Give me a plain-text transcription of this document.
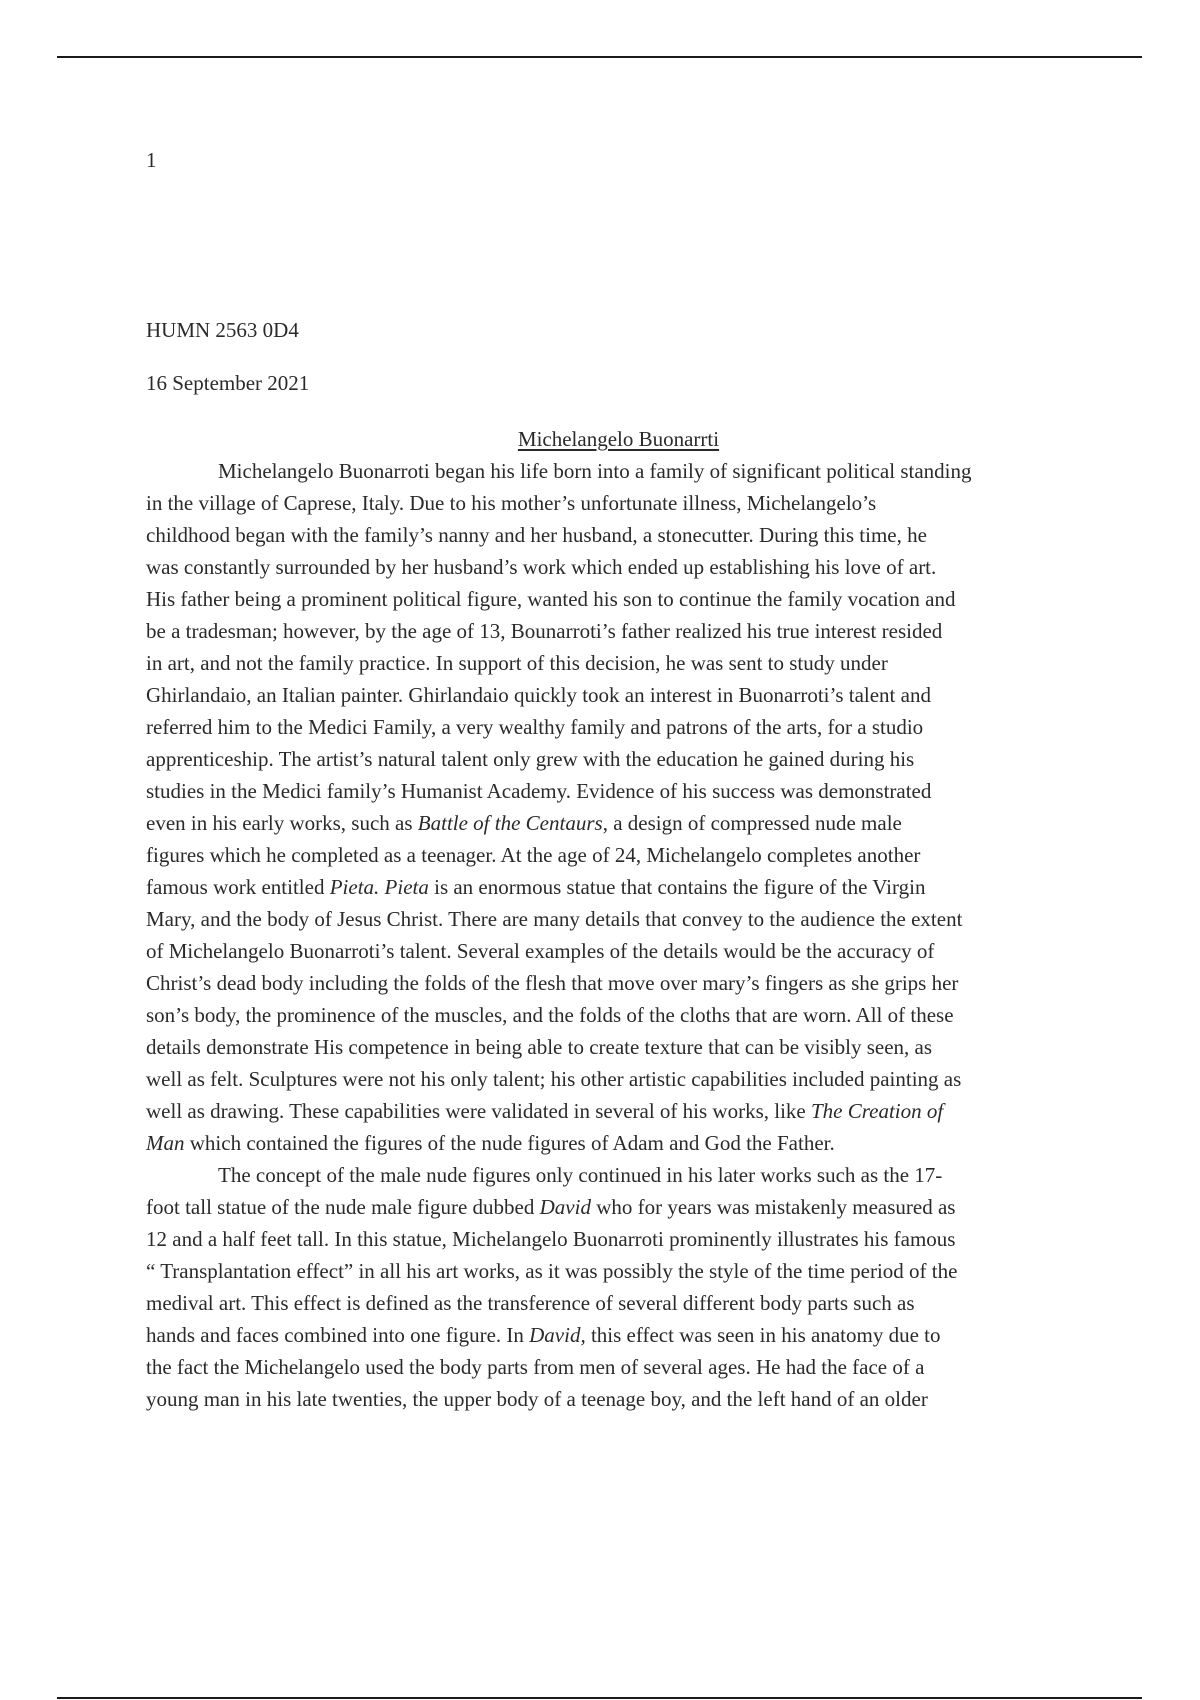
1
HUMN 2563 0D4
16 September 2021
Michelangelo Buonarrti

Michelangelo Buonarroti began his life born into a family of significant political standing
in the village of Caprese, Italy. Due to his mother’s unfortunate illness, Michelangelo’s
childhood began with the family’s nanny and her husband, a stonecutter. During this time, he
was constantly surrounded by her husband’s work which ended up establishing his love of art.
His father being a prominent political figure, wanted his son to continue the family vocation and
be a tradesman; however, by the age of 13, Bounarroti’s father realized his true interest resided
in art, and not the family practice. In support of this decision, he was sent to study under
Ghirlandaio, an Italian painter. Ghirlandaio quickly took an interest in Buonarroti’s talent and
referred him to the Medici Family, a very wealthy family and patrons of the arts, for a studio
apprenticeship. The artist’s natural talent only grew with the education he gained during his
studies in the Medici family’s Humanist Academy. Evidence of his success was demonstrated
even in his early works, such as Battle of the Centaurs, a design of compressed nude male
figures which he completed as a teenager. At the age of 24, Michelangelo completes another
famous work entitled Pieta. Pieta is an enormous statue that contains the figure of the Virgin
Mary, and the body of Jesus Christ. There are many details that convey to the audience the extent
of Michelangelo Buonarroti’s talent. Several examples of the details would be the accuracy of
Christ’s dead body including the folds of the flesh that move over mary’s fingers as she grips her
son’s body, the prominence of the muscles, and the folds of the cloths that are worn. All of these
details demonstrate His competence in being able to create texture that can be visibly seen, as
well as felt. Sculptures were not his only talent; his other artistic capabilities included painting as
well as drawing. These capabilities were validated in several of his works, like The Creation of
Man which contained the figures of the nude figures of Adam and God the Father.

The concept of the male nude figures only continued in his later works such as the 17-
foot tall statue of the nude male figure dubbed David who for years was mistakenly measured as
12 and a half feet tall. In this statue, Michelangelo Buonarroti prominently illustrates his famous
“ Transplantation effect” in all his art works, as it was possibly the style of the time period of the
medival art. This effect is defined as the transference of several different body parts such as
hands and faces combined into one figure. In David, this effect was seen in his anatomy due to
the fact the Michelangelo used the body parts from men of several ages. He had the face of a
young man in his late twenties, the upper body of a teenage boy, and the left hand of an older
